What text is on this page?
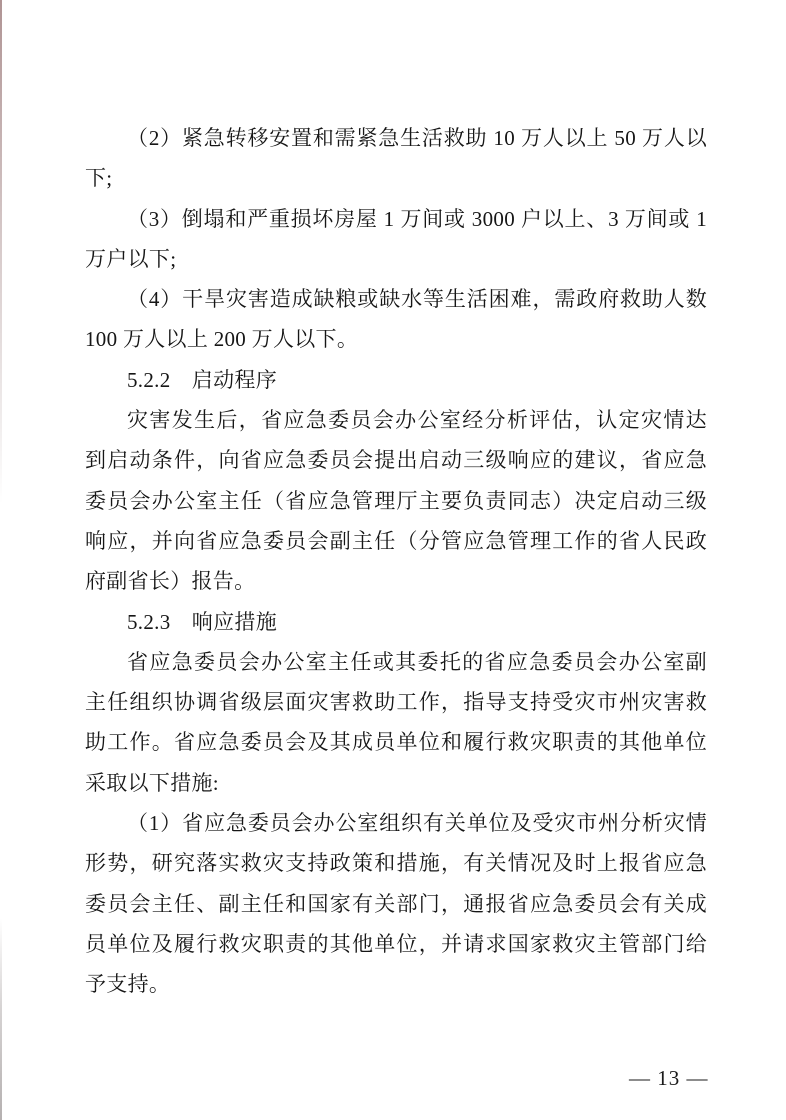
（2）紧急转移安置和需紧急生活救助 10 万人以上 50 万人以
下;
（3）倒塌和严重损坏房屋 1 万间或 3000 户以上、3 万间或 1
万户以下;
（4）干旱灾害造成缺粮或缺水等生活困难，需政府救助人数
100 万人以上 200 万人以下。
5.2.2　启动程序
灾害发生后，省应急委员会办公室经分析评估，认定灾情达
到启动条件，向省应急委员会提出启动三级响应的建议，省应急
委员会办公室主任（省应急管理厅主要负责同志）决定启动三级
响应，并向省应急委员会副主任（分管应急管理工作的省人民政
府副省长）报告。
5.2.3　响应措施
省应急委员会办公室主任或其委托的省应急委员会办公室副
主任组织协调省级层面灾害救助工作，指导支持受灾市州灾害救
助工作。省应急委员会及其成员单位和履行救灾职责的其他单位
采取以下措施:
（1）省应急委员会办公室组织有关单位及受灾市州分析灾情
形势，研究落实救灾支持政策和措施，有关情况及时上报省应急
委员会主任、副主任和国家有关部门，通报省应急委员会有关成
员单位及履行救灾职责的其他单位，并请求国家救灾主管部门给
予支持。

— 13 —
